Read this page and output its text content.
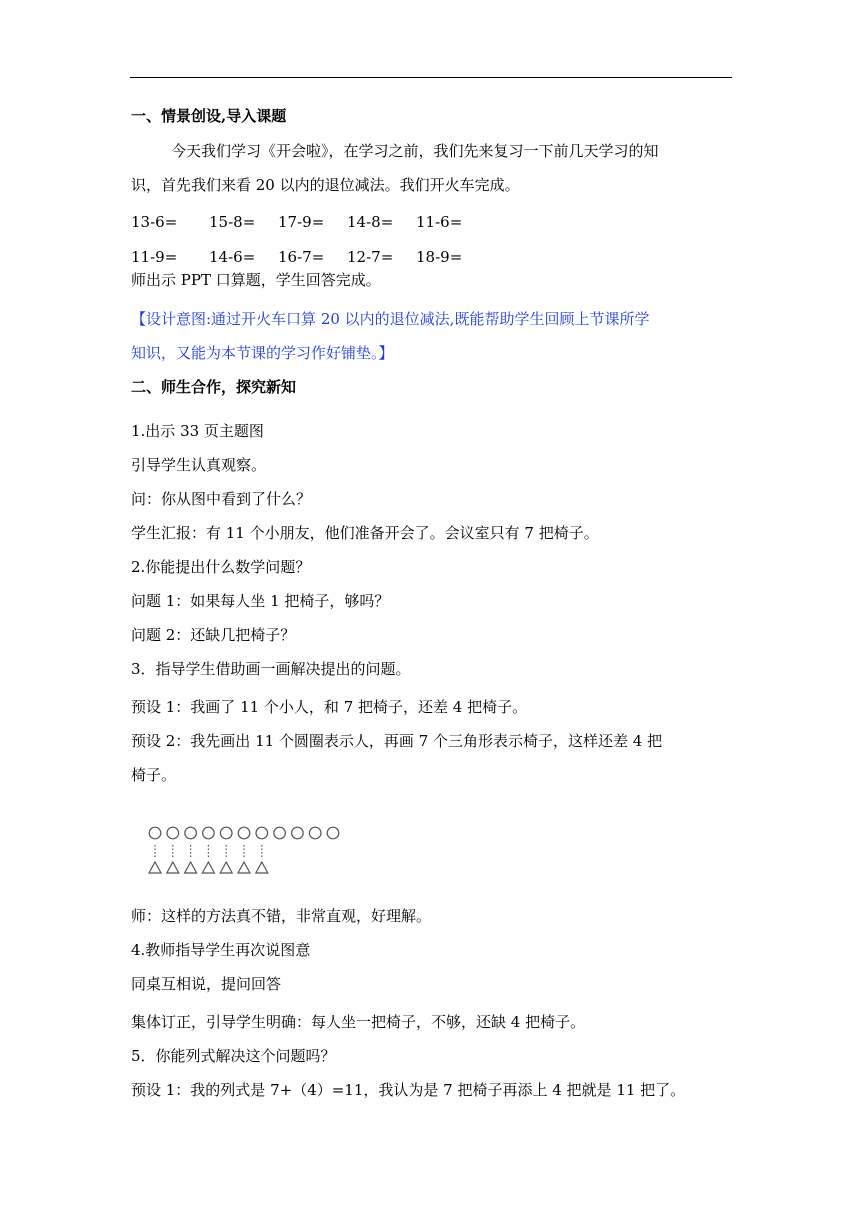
一、情景创设,导入课题
今天我们学习《开会啦》，在学习之前，我们先来复习一下前几天学习的知
识，首先我们来看 20 以内的退位减法。我们开火车完成。
13-6= 15-8= 17-9= 14-8= 11-6=
11-9= 14-6= 16-7= 12-7= 18-9=
师出示 PPT 口算题，学生回答完成。
【设计意图:通过开火车口算 20 以内的退位减法,既能帮助学生回顾上节课所学
知识，又能为本节课的学习作好铺垫。】
二、师生合作，探究新知
1.出示 33 页主题图
引导学生认真观察。
问：你从图中看到了什么？
学生汇报：有 11 个小朋友，他们准备开会了。会议室只有 7 把椅子。
2.你能提出什么数学问题？
问题 1：如果每人坐 1 把椅子，够吗？
问题 2：还缺几把椅子？
3．指导学生借助画一画解决提出的问题。
预设 1：我画了 11 个小人，和 7 把椅子，还差 4 把椅子。
预设 2：我先画出 11 个圆圈表示人，再画 7 个三角形表示椅子，这样还差 4 把
椅子。
师：这样的方法真不错，非常直观，好理解。
4.教师指导学生再次说图意
同桌互相说，提问回答
集体订正，引导学生明确：每人坐一把椅子，不够，还缺 4 把椅子。
5．你能列式解决这个问题吗？
预设 1：我的列式是 7+（4）=11，我认为是 7 把椅子再添上 4 把就是 11 把了。
